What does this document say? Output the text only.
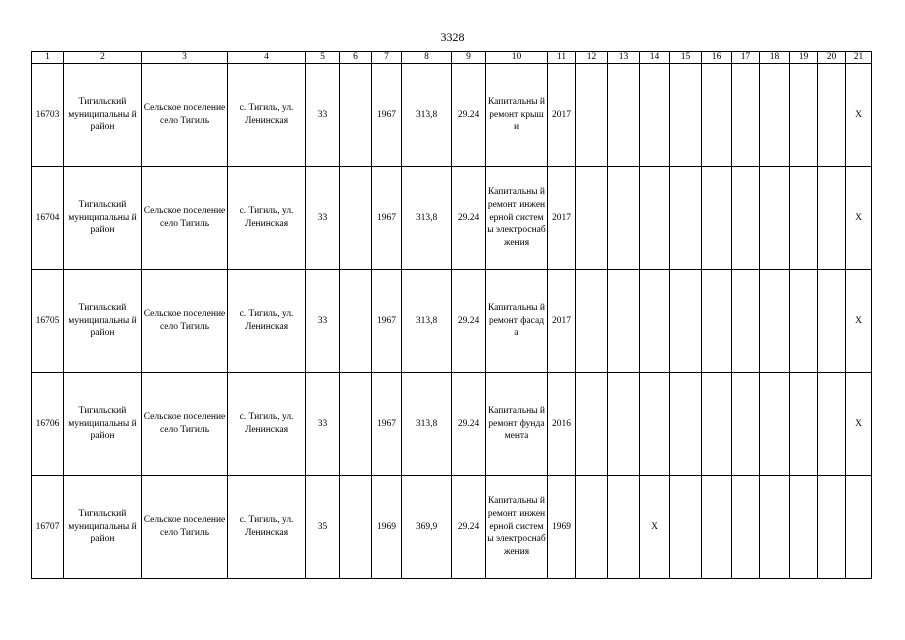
3328
1	2	3	4	5	6	7	8	9	10	11	12	13	14	15	16	17	18	19	20	21
16703	Тигильский муниципальны й район	Сельское поселение село Тигиль	с. Тигиль, ул. Ленинская	33		1967	313,8	29.24	Капитальны й ремонт крыши	2017										X
16704	Тигильский муниципальны й район	Сельское поселение село Тигиль	с. Тигиль, ул. Ленинская	33		1967	313,8	29.24	Капитальны й ремонт инженерной системы электроснаб жения	2017										X
16705	Тигильский муниципальны й район	Сельское поселение село Тигиль	с. Тигиль, ул. Ленинская	33		1967	313,8	29.24	Капитальны й ремонт фасада	2017										X
16706	Тигильский муниципальны й район	Сельское поселение село Тигиль	с. Тигиль, ул. Ленинская	33		1967	313,8	29.24	Капитальны й ремонт фундамента	2016										X
16707	Тигильский муниципальны й район	Сельское поселение село Тигиль	с. Тигиль, ул. Ленинская	35		1969	369,9	29.24	Капитальны й ремонт инженерной системы электроснаб жения	1969			X							
